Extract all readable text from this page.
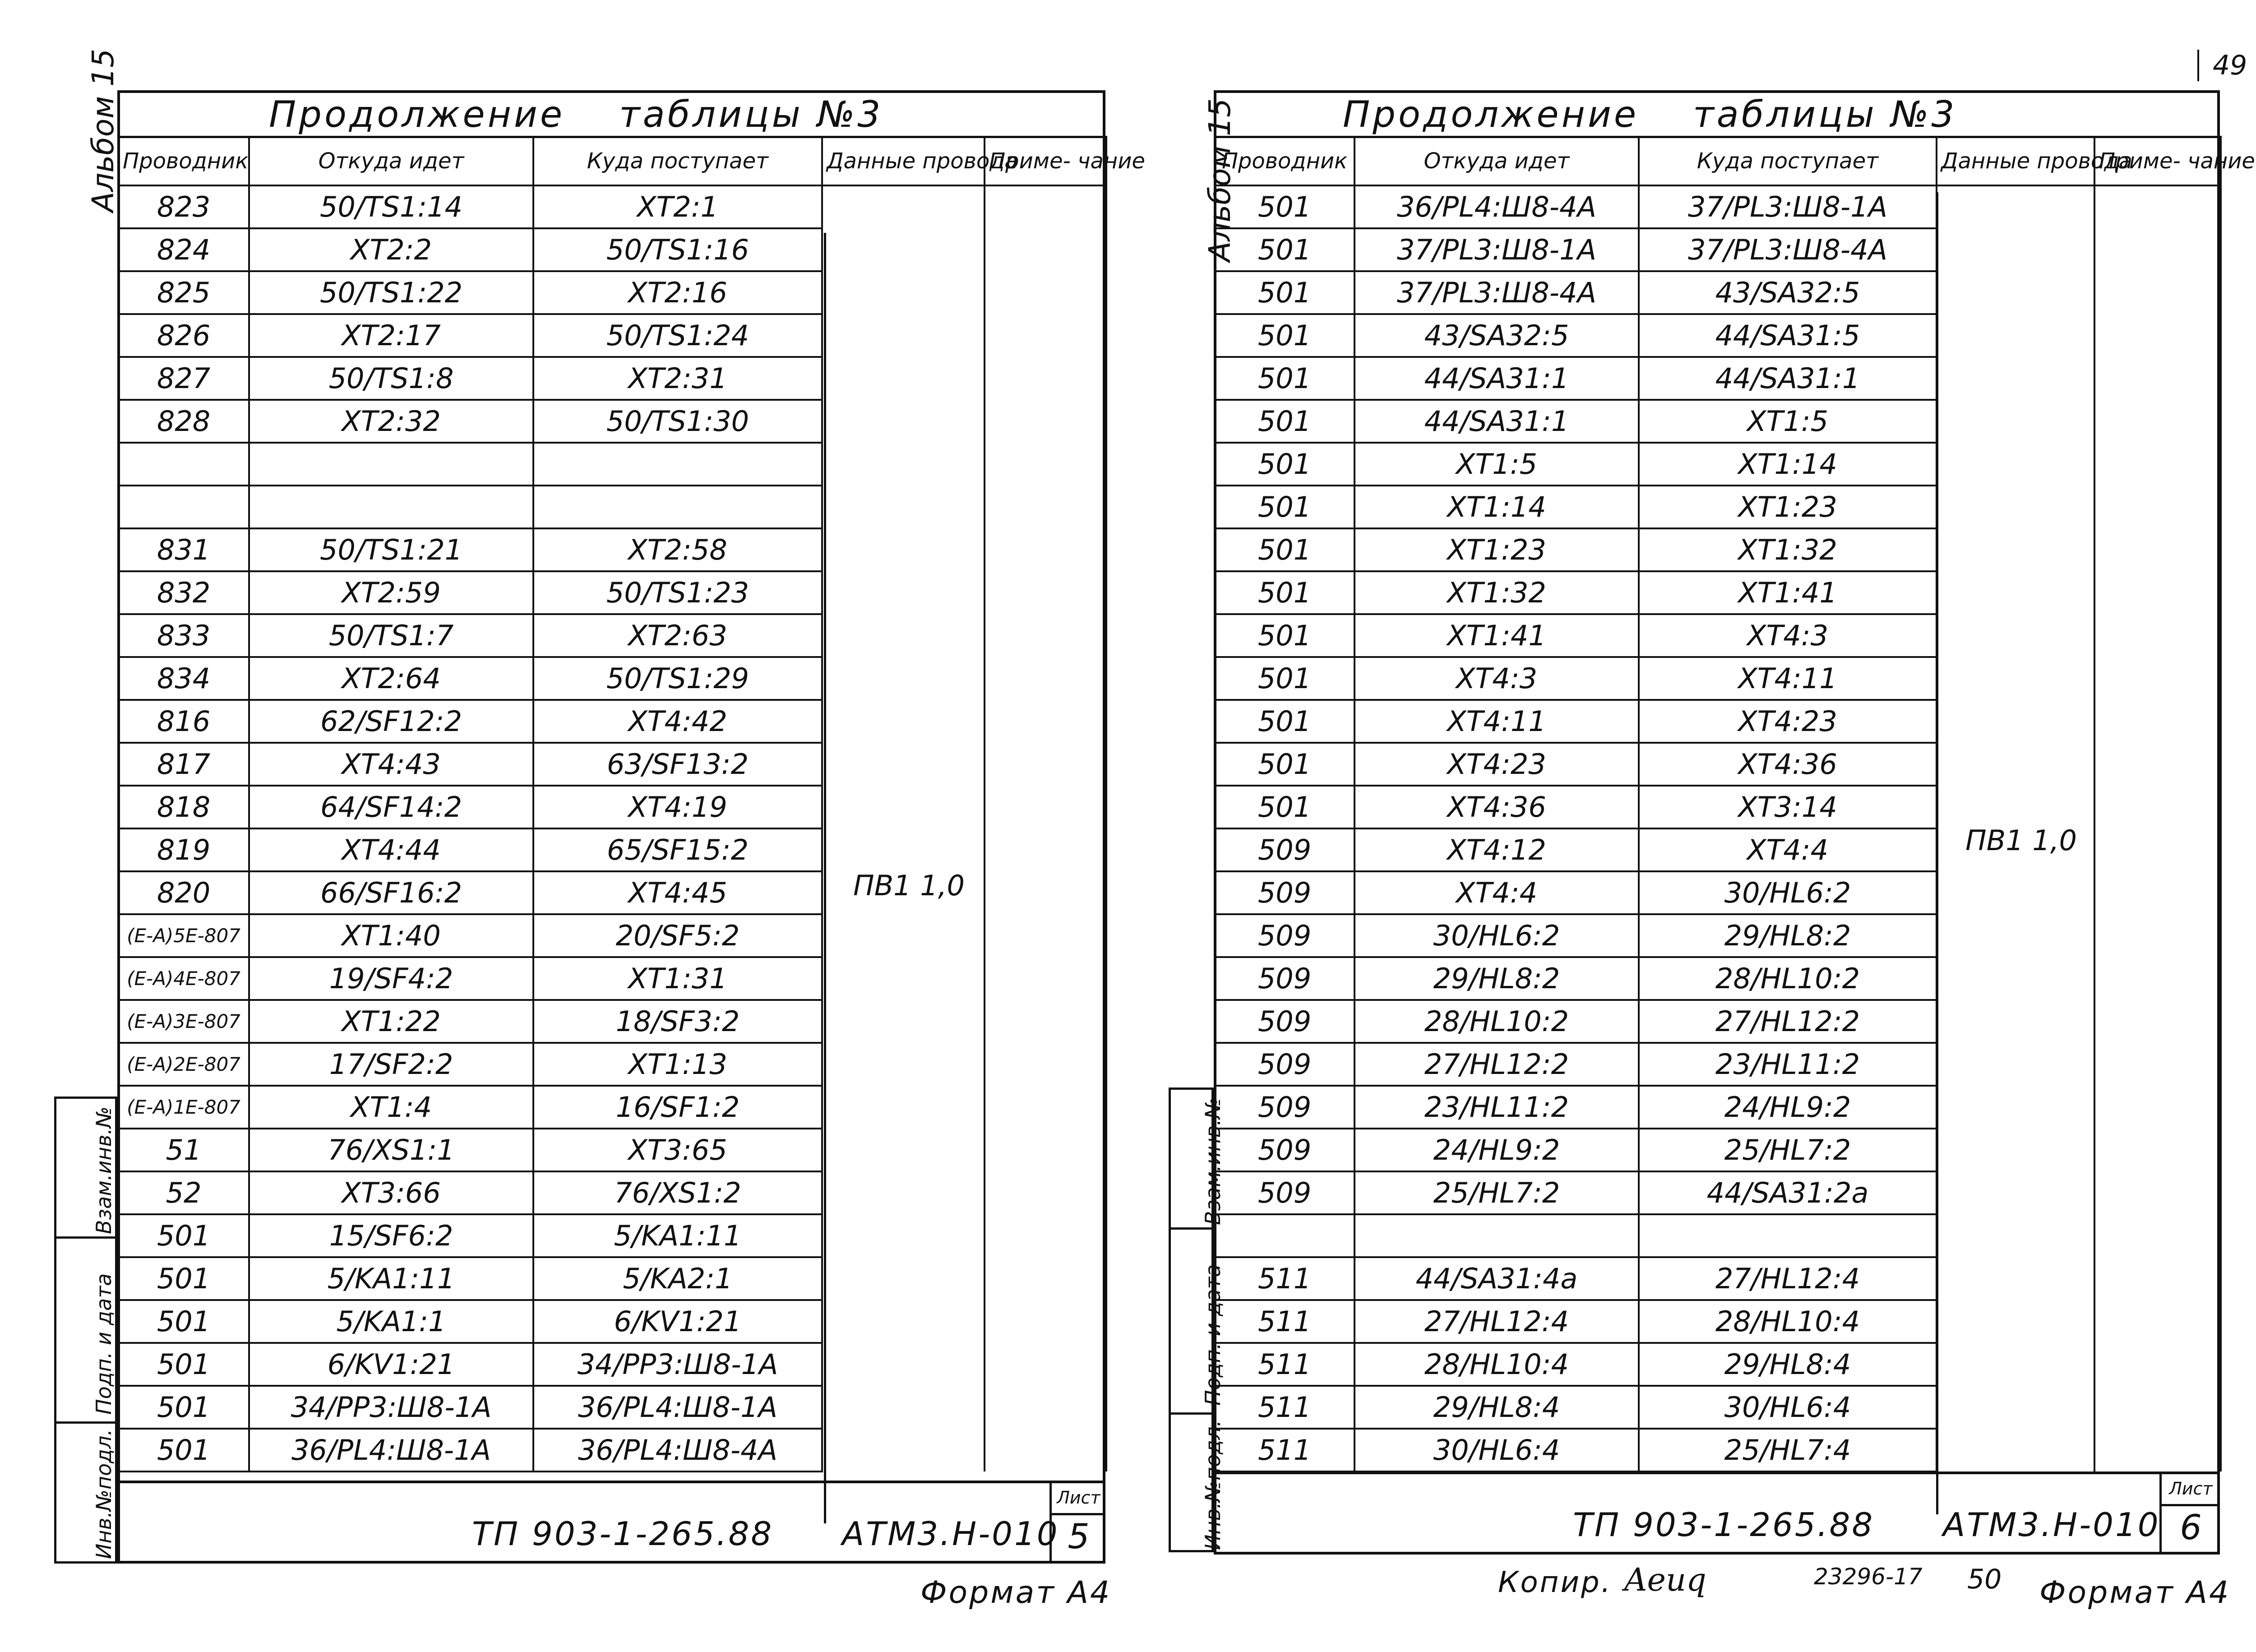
Альбом 15
Взам.инв.№
Подп. и дата
Инв.№подл.
Продолжение таблицы №3
Проводник	Откуда идет	Куда поступает	Данные провода	Приме- чание
823	50/TS1:14	XT2:1		
824	XT2:2	50/TS1:16		
825	50/TS1:22	XT2:16		
826	XT2:17	50/TS1:24		
827	50/TS1:8	XT2:31		
828	XT2:32	50/TS1:30		

831	50/TS1:21	XT2:58		
832	XT2:59	50/TS1:23		
833	50/TS1:7	XT2:63		
834	XT2:64	50/TS1:29		
816	62/SF12:2	XT4:42		
817	XT4:43	63/SF13:2		
818	64/SF14:2	XT4:19		
819	XT4:44	65/SF15:2		
820	66/SF16:2	XT4:45		
(E-A)5E-807	XT1:40	20/SF5:2		
(E-A)4E-807	19/SF4:2	XT1:31		
(E-A)3E-807	XT1:22	18/SF3:2		
(E-A)2E-807	17/SF2:2	XT1:13		
(E-A)1E-807	XT1:4	16/SF1:2		
51	76/XS1:1	XT3:65		
52	XT3:66	76/XS1:2		
501	15/SF6:2	5/KA1:11		
501	5/KA1:11	5/KA2:1		
501	5/KA1:1	6/KV1:21		
501	6/KV1:21	34/PP3:Ш8-1А		
501	34/PP3:Ш8-1А	36/PL4:Ш8-1А		
501	36/PL4:Ш8-1А	36/PL4:Ш8-4А		
ПВ1 1,0
ТП 903-1-265.88 АТМ3.Н-010
Лист
5
Формат А4
49
Альбом 15
Взам.инв.№
Подп. и дата
Инв.№подл.
Продолжение таблицы №3
Проводник	Откуда идет	Куда поступает	Данные провода	Приме- чание
501	36/PL4:Ш8-4А	37/PL3:Ш8-1А		
501	37/PL3:Ш8-1А	37/PL3:Ш8-4А		
501	37/PL3:Ш8-4А	43/SA32:5		
501	43/SA32:5	44/SA31:5		
501	44/SA31:1	44/SA31:1		
501	44/SA31:1	XT1:5		
501	XT1:5	XT1:14		
501	XT1:14	XT1:23		
501	XT1:23	XT1:32		
501	XT1:32	XT1:41		
501	XT1:41	XT4:3		
501	XT4:3	XT4:11		
501	XT4:11	XT4:23		
501	XT4:23	XT4:36		
501	XT4:36	XT3:14		
509	XT4:12	XT4:4		
509	XT4:4	30/HL6:2		
509	30/HL6:2	29/HL8:2		
509	29/HL8:2	28/HL10:2		
509	28/HL10:2	27/HL12:2		
509	27/HL12:2	23/HL11:2		
509	23/HL11:2	24/HL9:2		
509	24/HL9:2	25/HL7:2		
509	25/HL7:2	44/SA31:2а		

511	44/SA31:4а	27/HL12:4		
511	27/HL12:4	28/HL10:4		
511	28/HL10:4	29/HL8:4		
511	29/HL8:4	30/HL6:4		
511	30/HL6:4	25/HL7:4		
ПВ1 1,0
ТП 903-1-265.88 АТМ3.Н-010
Лист
6
Копир. Aeuq	23296-17 50 Формат А4
